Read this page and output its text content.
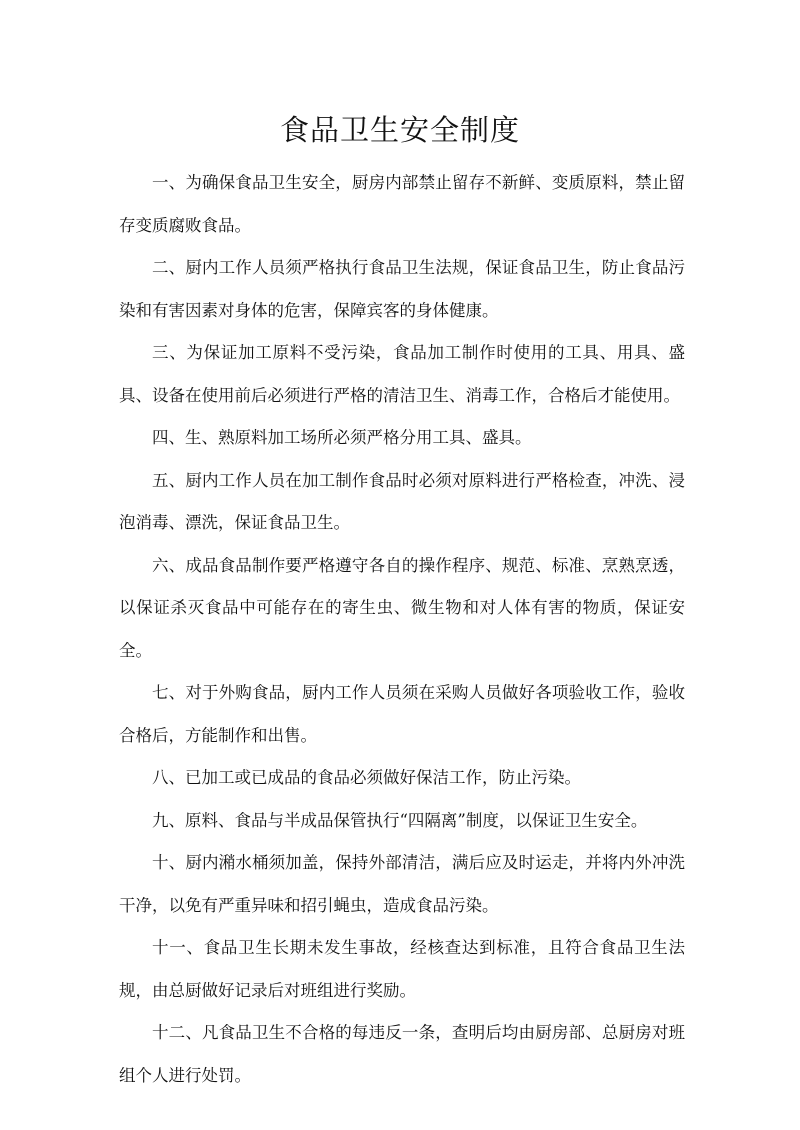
食品卫生安全制度

一、为确保食品卫生安全，厨房内部禁止留存不新鲜、变质原料，禁止留存变质腐败食品。

二、厨内工作人员须严格执行食品卫生法规，保证食品卫生，防止食品污染和有害因素对身体的危害，保障宾客的身体健康。

三、为保证加工原料不受污染，食品加工制作时使用的工具、用具、盛具、设备在使用前后必须进行严格的清洁卫生、消毒工作，合格后才能使用。

四、生、熟原料加工场所必须严格分用工具、盛具。

五、厨内工作人员在加工制作食品时必须对原料进行严格检查，冲洗、浸泡消毒、漂洗，保证食品卫生。

六、成品食品制作要严格遵守各自的操作程序、规范、标准、烹熟烹透，以保证杀灭食品中可能存在的寄生虫、微生物和对人体有害的物质，保证安全。

七、对于外购食品，厨内工作人员须在采购人员做好各项验收工作，验收合格后，方能制作和出售。

八、已加工或已成品的食品必须做好保洁工作，防止污染。

九、原料、食品与半成品保管执行“四隔离”制度，以保证卫生安全。

十、厨内潲水桶须加盖，保持外部清洁，满后应及时运走，并将内外冲洗干净，以免有严重异味和招引蝇虫，造成食品污染。

十一、食品卫生长期未发生事故，经核查达到标准，且符合食品卫生法规，由总厨做好记录后对班组进行奖励。

十二、凡食品卫生不合格的每违反一条，查明后均由厨房部、总厨房对班组个人进行处罚。
